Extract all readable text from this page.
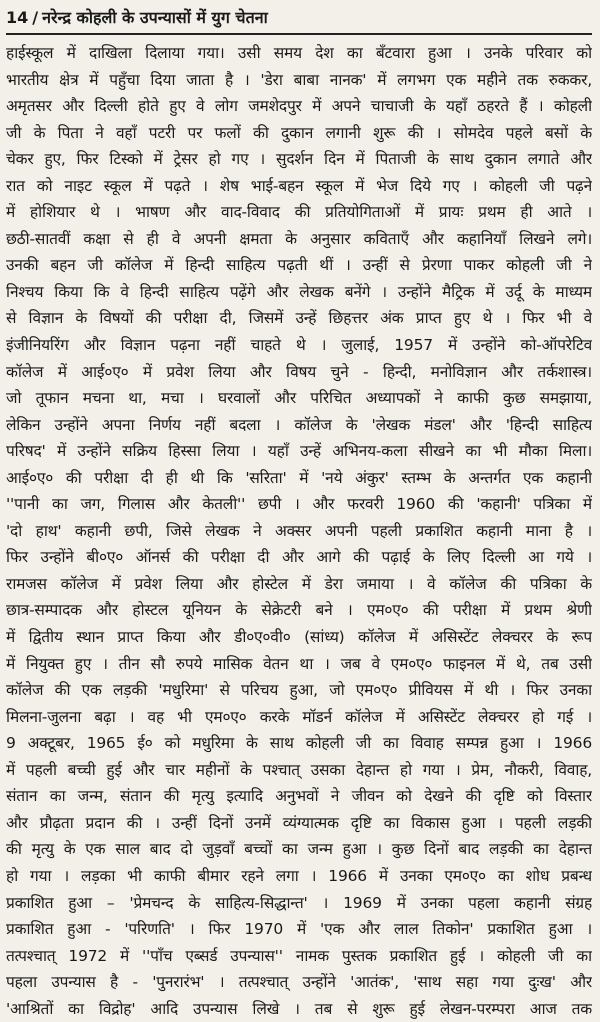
14 / नरेन्द्र कोहली के उपन्यासों में युग चेतना
हाईस्कूल में दाखिला दिलाया गया। उसी समय देश का बँटवारा हुआ । उनके परिवार को
भारतीय क्षेत्र में पहुँचा दिया जाता है । 'डेरा बाबा नानक' में लगभग एक महीने तक रुककर,
अमृतसर और दिल्ली होते हुए वे लोग जमशेदपुर में अपने चाचाजी के यहाँ ठहरते हैं । कोहली
जी के पिता ने वहाँ पटरी पर फलों की दुकान लगानी शुरू की । सोमदेव पहले बसों के
चेकर हुए, फिर टिस्को में ट्रेसर हो गए । सुदर्शन दिन में पिताजी के साथ दुकान लगाते और
रात को नाइट स्कूल में पढ़ते । शेष भाई-बहन स्कूल में भेज दिये गए । कोहली जी पढ़ने
में होशियार थे । भाषण और वाद-विवाद की प्रतियोगिताओं में प्रायः प्रथम ही आते ।
छठी-सातवीं कक्षा से ही वे अपनी क्षमता के अनुसार कविताएँ और कहानियाँ लिखने लगे।
उनकी बहन जी कॉलेज में हिन्दी साहित्य पढ़ती थीं । उन्हीं से प्रेरणा पाकर कोहली जी ने
निश्चय किया कि वे हिन्दी साहित्य पढ़ेंगे और लेखक बनेंगे । उन्होंने मैट्रिक में उर्दू के माध्यम
से विज्ञान के विषयों की परीक्षा दी, जिसमें उन्हें छिहत्तर अंक प्राप्त हुए थे । फिर भी वे
इंजीनियरिंग और विज्ञान पढ़ना नहीं चाहते थे । जुलाई, 1957 में उन्होंने को-ऑपरेटिव
कॉलेज में आई०ए० में प्रवेश लिया और विषय चुने - हिन्दी, मनोविज्ञान और तर्कशास्त्र।
जो तूफान मचना था, मचा । घरवालों और परिचित अध्यापकों ने काफी कुछ समझाया,
लेकिन उन्होंने अपना निर्णय नहीं बदला । कॉलेज के 'लेखक मंडल' और 'हिन्दी साहित्य
परिषद' में उन्होंने सक्रिय हिस्सा लिया । यहाँ उन्हें अभिनय-कला सीखने का भी मौका मिला।
आई०ए० की परीक्षा दी ही थी कि 'सरिता' में 'नये अंकुर' स्तम्भ के अन्तर्गत एक कहानी
''पानी का जग, गिलास और केतली'' छपी । और फरवरी 1960 की 'कहानी' पत्रिका में
'दो हाथ' कहानी छपी, जिसे लेखक ने अक्सर अपनी पहली प्रकाशित कहानी माना है ।
फिर उन्होंने बी०ए० ऑनर्स की परीक्षा दी और आगे की पढ़ाई के लिए दिल्ली आ गये ।
रामजस कॉलेज में प्रवेश लिया और होस्टेल में डेरा जमाया । वे कॉलेज की पत्रिका के
छात्र-सम्पादक और होस्टल यूनियन के सेक्रेटरी बने । एम०ए० की परीक्षा में प्रथम श्रेणी
में द्वितीय स्थान प्राप्त किया और डी०ए०वी० (सांध्य) कॉलेज में असिस्टेंट लेक्चरर के रूप
में नियुक्त हुए । तीन सौ रुपये मासिक वेतन था । जब वे एम०ए० फाइनल में थे, तब उसी
कॉलेज की एक लड़की 'मधुरिमा' से परिचय हुआ, जो एम०ए० प्रीवियस में थी । फिर उनका
मिलना-जुलना बढ़ा । वह भी एम०ए० करके मॉडर्न कॉलेज में असिस्टेंट लेक्चरर हो गई ।
9 अक्टूबर, 1965 ई० को मधुरिमा के साथ कोहली जी का विवाह सम्पन्न हुआ । 1966
में पहली बच्ची हुई और चार महीनों के पश्चात् उसका देहान्त हो गया । प्रेम, नौकरी, विवाह,
संतान का जन्म, संतान की मृत्यु इत्यादि अनुभवों ने जीवन को देखने की दृष्टि को विस्तार
और प्रौढ़ता प्रदान की । उन्हीं दिनों उनमें व्यंग्यात्मक दृष्टि का विकास हुआ । पहली लड़की
की मृत्यु के एक साल बाद दो जुड़वाँ बच्चों का जन्म हुआ । कुछ दिनों बाद लड़की का देहान्त
हो गया । लड़का भी काफी बीमार रहने लगा । 1966 में उनका एम०ए० का शोध प्रबन्ध
प्रकाशित हुआ – 'प्रेमचन्द के साहित्य-सिद्धान्त' । 1969 में उनका पहला कहानी संग्रह
प्रकाशित हुआ - 'परिणति' । फिर 1970 में 'एक और लाल तिकोन' प्रकाशित हुआ ।
तत्पश्चात् 1972 में ''पाँच एब्सर्ड उपन्यास'' नामक पुस्तक प्रकाशित हुई । कोहली जी का
पहला उपन्यास है - 'पुनरारंभ' । तत्पश्चात् उन्होंने 'आतंक', 'साथ सहा गया दुःख' और
'आश्रितों का विद्रोह' आदि उपन्यास लिखे । तब से शुरू हुई लेखन-परम्परा आज तक
